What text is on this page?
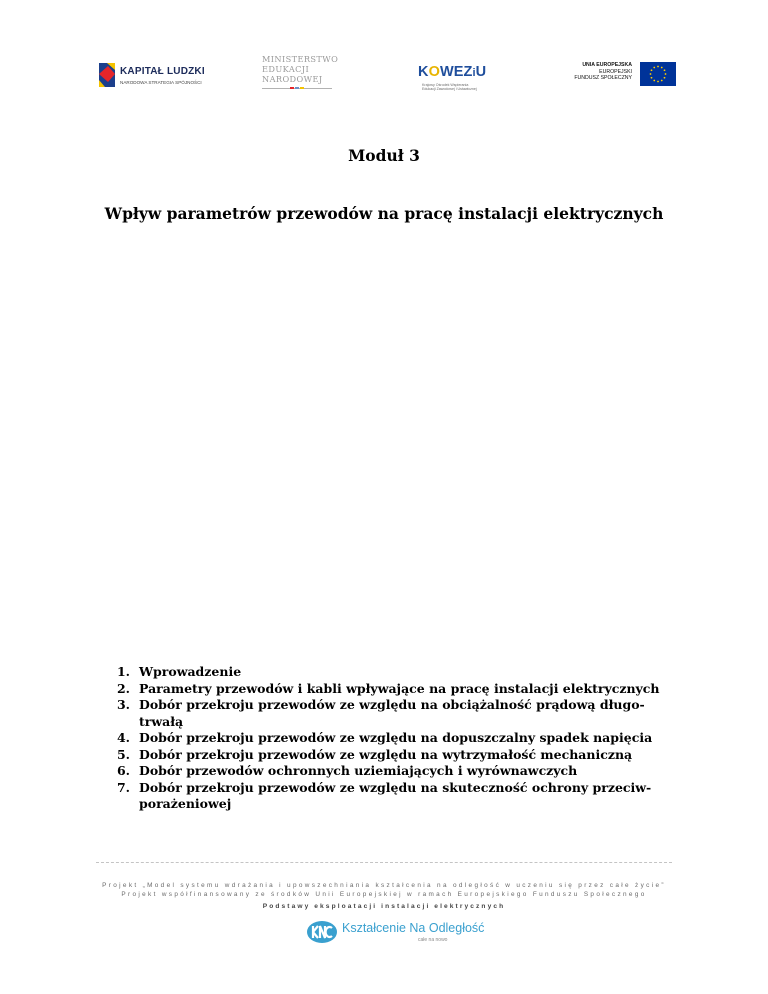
KAPITAŁ LUDZKI
NARODOWA STRATEGIA SPÓJNOŚCI
MINISTERSTWO
EDUKACJI
NARODOWEJ	KOWEZiU
Krajowy Ośrodek Wspierania
Edukacji Zawodowej i Ustawicznej
UNIA EUROPEJSKA
EUROPEJSKI
FUNDUSZ SPOŁECZNY
Moduł 3
Wpływ parametrów przewodów na pracę instalacji elektrycznych
1. Wprowadzenie
2. Parametry przewodów i kabli wpływające na pracę instalacji elektrycznych
3. Dobór przekroju przewodów ze względu na obciążalność prądową długo-
trwałą
4. Dobór przekroju przewodów ze względu na dopuszczalny spadek napięcia
5. Dobór przekroju przewodów ze względu na wytrzymałość mechaniczną
6. Dobór przewodów ochronnych uziemiających i wyrównawczych
7. Dobór przekroju przewodów ze względu na skuteczność ochrony przeciw-
porażeniowej
Projekt „Model systemu wdrażania i upowszechniania kształcenia na odległość w uczeniu się przez całe życie”
Projekt współfinansowany ze środków Unii Europejskiej w ramach Europejskiego Funduszu Społecznego
Podstawy eksploatacji instalacji elektrycznych
Kształcenie Na Odległość
całe na nowo
